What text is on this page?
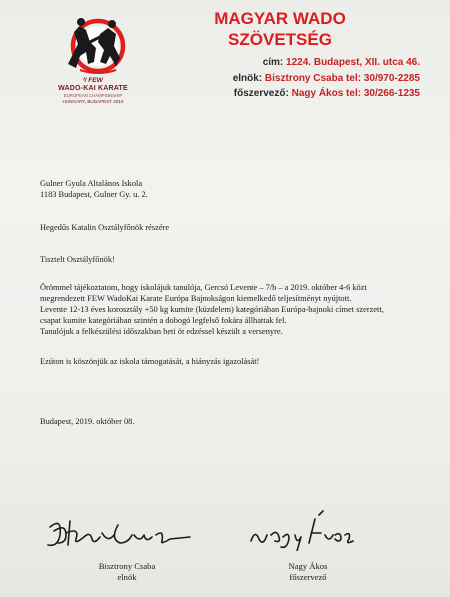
ᶠ/ FEW
WADO-KAI KARATE
EUROPEAN CHAMPIONSHIP
HUNGARY, BUDAPEST 2019
MAGYAR WADO
SZÖVETSÉG
cím: 1224. Budapest, XII. utca 46.
elnök: Bisztrony Csaba tel: 30/970-2285
főszervező: Nagy Ákos tel: 30/266-1235
Gulner Gyula Altalános Iskola
1183 Budapest, Gulner Gy. u. 2.
Hegedűs Katalin Osztályfőnök részére
Tisztelt Osztályfőnök!
Örömmel tájékoztatom, hogy iskolájuk tanulója, Gercsó Levente – 7/b – a 2019. október 4-6 közt
megrendezett FEW WadoKai Karate Európa Bajnokságon kiemelkedő teljesítményt nyújtott.
Levente 12-13 éves korosztály +50 kg kumite (küzdelem) kategóriában Európa-bajnoki címet szerzett,
csapat kumite kategóriában szintén a dobogó legfelső fokára állhattak fel.
Tanulójuk a felkészülési időszakban heti öt edzéssel készült a versenyre.
Ezúton is köszönjük az iskola támogatását, a hiányzás igazolását!
Budapest, 2019. október 08.
Bisztrony Csaba
elnök
Nagy Ákos
főszervező
